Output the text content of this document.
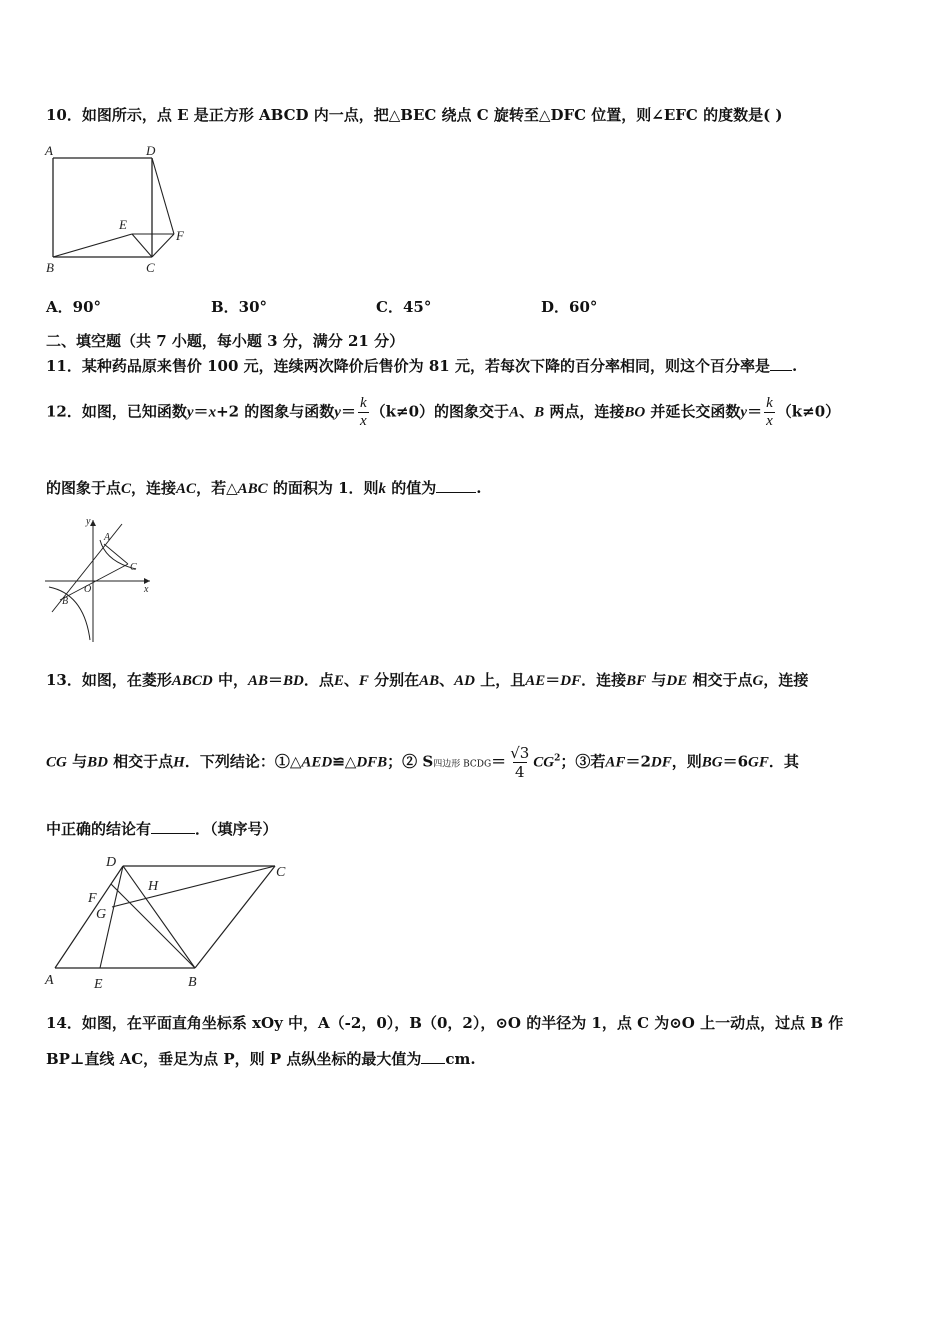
10．如图所示，点 E 是正方形 ABCD 内一点，把△BEC 绕点 C 旋转至△DFC 位置，则∠EFC 的度数是( )
A	D
E
F
B	C
A．90°	B．30°	C．45°	D．60°
二、填空题（共 7 小题，每小题 3 分，满分 21 分）
11．某种药品原来售价 100 元，连续两次降价后售价为 81 元，若每次下降的百分率相同，则这个百分率是 .
12．如图，已知函数y＝x+2 的图象与函数$y= \frac{k}{x} (k\ne 0)$的图象交于A、B 两点，连接BO 并延长交函数$y= \frac{k}{x} (k\ne 0)$
的图象于点C，连接AC，若△ABC 的面积为 1．则k 的值为	.
y
A
C
O
B
x
13．如图，在菱形ABCD 中，AB＝BD．点E、F 分别在AB、AD 上，且AE＝DF．连接BF 与DE 相交于点G，连接
CG 与BD 相交于点H．下列结论：①△AED≌△DFB；② S四边形 BCDG＝ $\frac{√3}{4} CG^2$；③若AF＝2DF，则BG＝6GF．其
中正确的结论有	．（填序号）
D
C
F
H
G
A	E	B
14．如图，在平面直角坐标系 xOy 中，A（-2，0），B（0，2），⊙O 的半径为 1，点 C 为⊙O 上一动点，过点 B 作
BP⊥直线 AC，垂足为点 P，则 P 点纵坐标的最大值为 cm.
